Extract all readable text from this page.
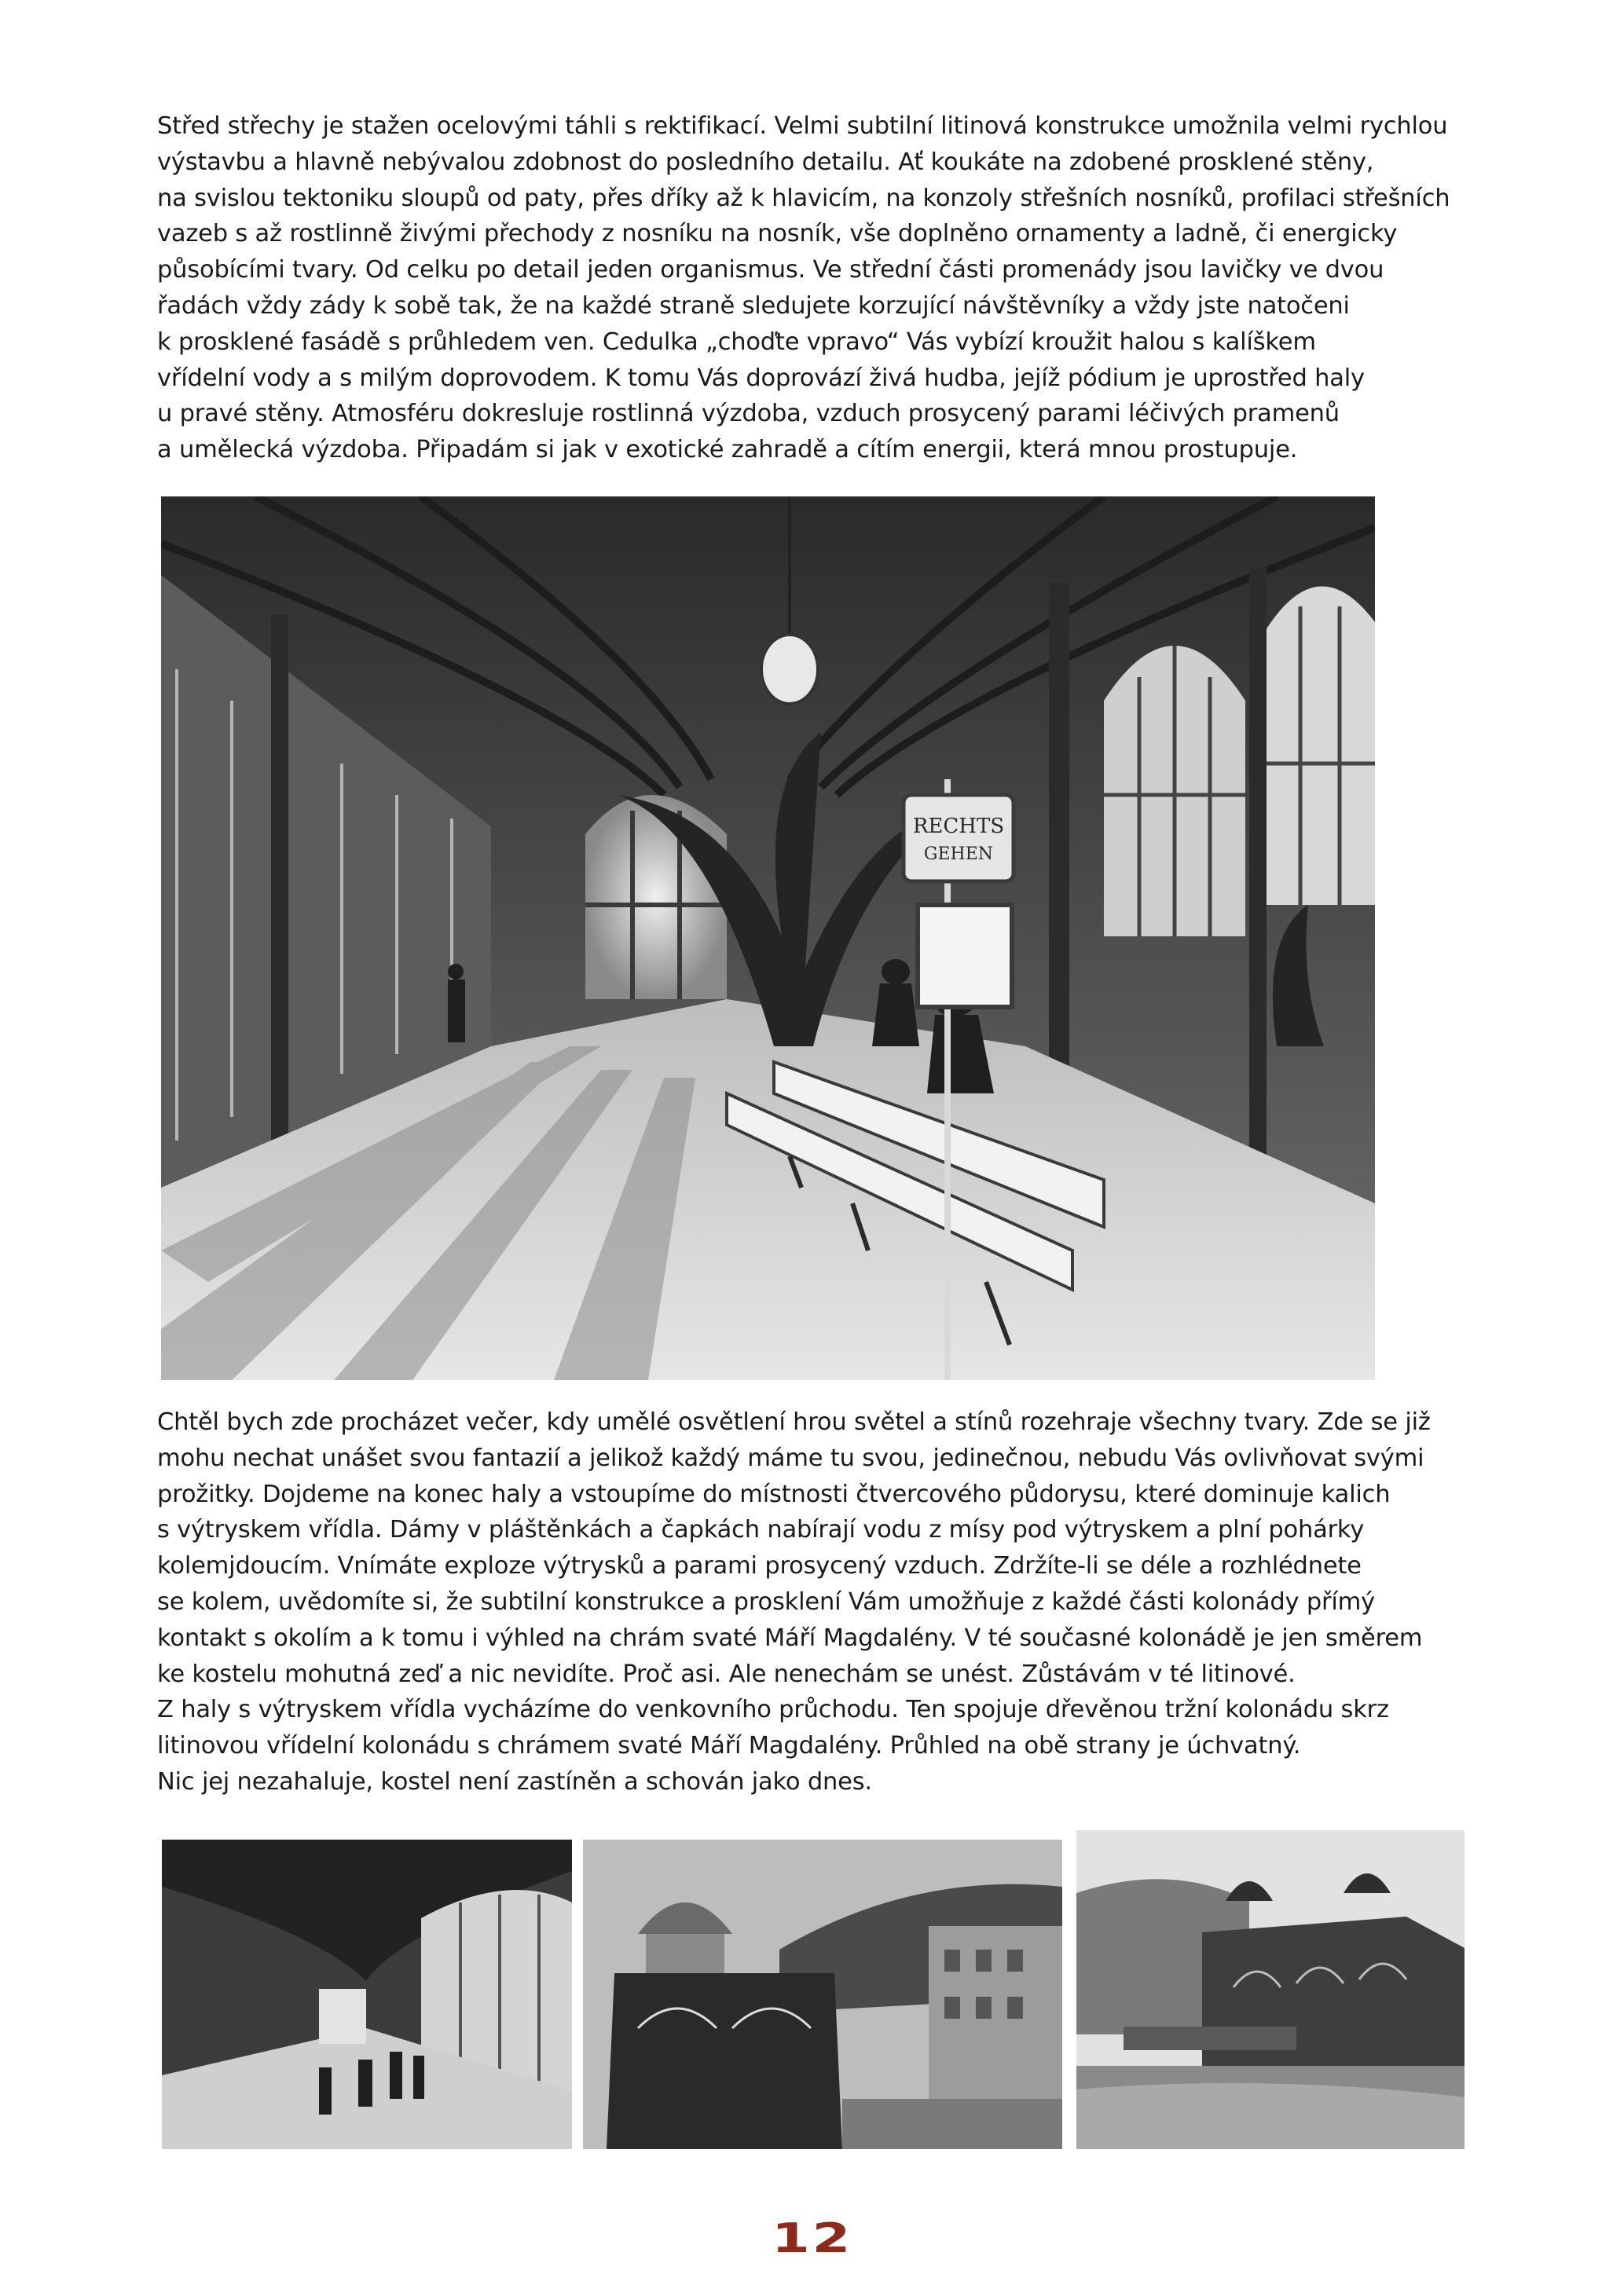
Střed střechy je stažen ocelovými táhli s rektifikací. Velmi subtilní litinová konstrukce umožnila velmi rychlou
výstavbu a hlavně nebývalou zdobnost do posledního detailu. Ať koukáte na zdobené prosklené stěny,
na svislou tektoniku sloupů od paty, přes dříky až k hlavicím, na konzoly střešních nosníků, profilaci střešních
vazeb s až rostlinně živými přechody z nosníku na nosník, vše doplněno ornamenty a ladně, či energicky
působícími tvary. Od celku po detail jeden organismus. Ve střední části promenády jsou lavičky ve dvou
řadách vždy zády k sobě tak, že na každé straně sledujete korzující návštěvníky a vždy jste natočeni
k prosklené fasádě s průhledem ven. Cedulka „choďte vpravo“ Vás vybízí kroužit halou s kalíškem
vřídelní vody a s milým doprovodem. K tomu Vás doprovází živá hudba, jejíž pódium je uprostřed haly
u pravé stěny. Atmosféru dokresluje rostlinná výzdoba, vzduch prosycený parami léčivých pramenů
a umělecká výzdoba. Připadám si jak v exotické zahradě a cítím energii, která mnou prostupuje.
RECHTS
GEHEN
Chtěl bych zde procházet večer, kdy umělé osvětlení hrou světel a stínů rozehraje všechny tvary. Zde se již
mohu nechat unášet svou fantazií a jelikož každý máme tu svou, jedinečnou, nebudu Vás ovlivňovat svými
prožitky. Dojdeme na konec haly a vstoupíme do místnosti čtvercového půdorysu, které dominuje kalich
s výtryskem vřídla. Dámy v pláštěnkách a čapkách nabírají vodu z mísy pod výtryskem a plní pohárky
kolemjdoucím. Vnímáte exploze výtrysků a parami prosycený vzduch. Zdržíte-li se déle a rozhlédnete
se kolem, uvědomíte si, že subtilní konstrukce a prosklení Vám umožňuje z každé části kolonády přímý
kontakt s okolím a k tomu i výhled na chrám svaté Máří Magdalény. V té současné kolonádě je jen směrem
ke kostelu mohutná zeď a nic nevidíte. Proč asi. Ale nenechám se unést. Zůstávám v té litinové.
Z haly s výtryskem vřídla vycházíme do venkovního průchodu. Ten spojuje dřevěnou tržní kolonádu skrz
litinovou vřídelní kolonádu s chrámem svaté Máří Magdalény. Průhled na obě strany je úchvatný.
Nic jej nezahaluje, kostel není zastíněn a schován jako dnes.
12
